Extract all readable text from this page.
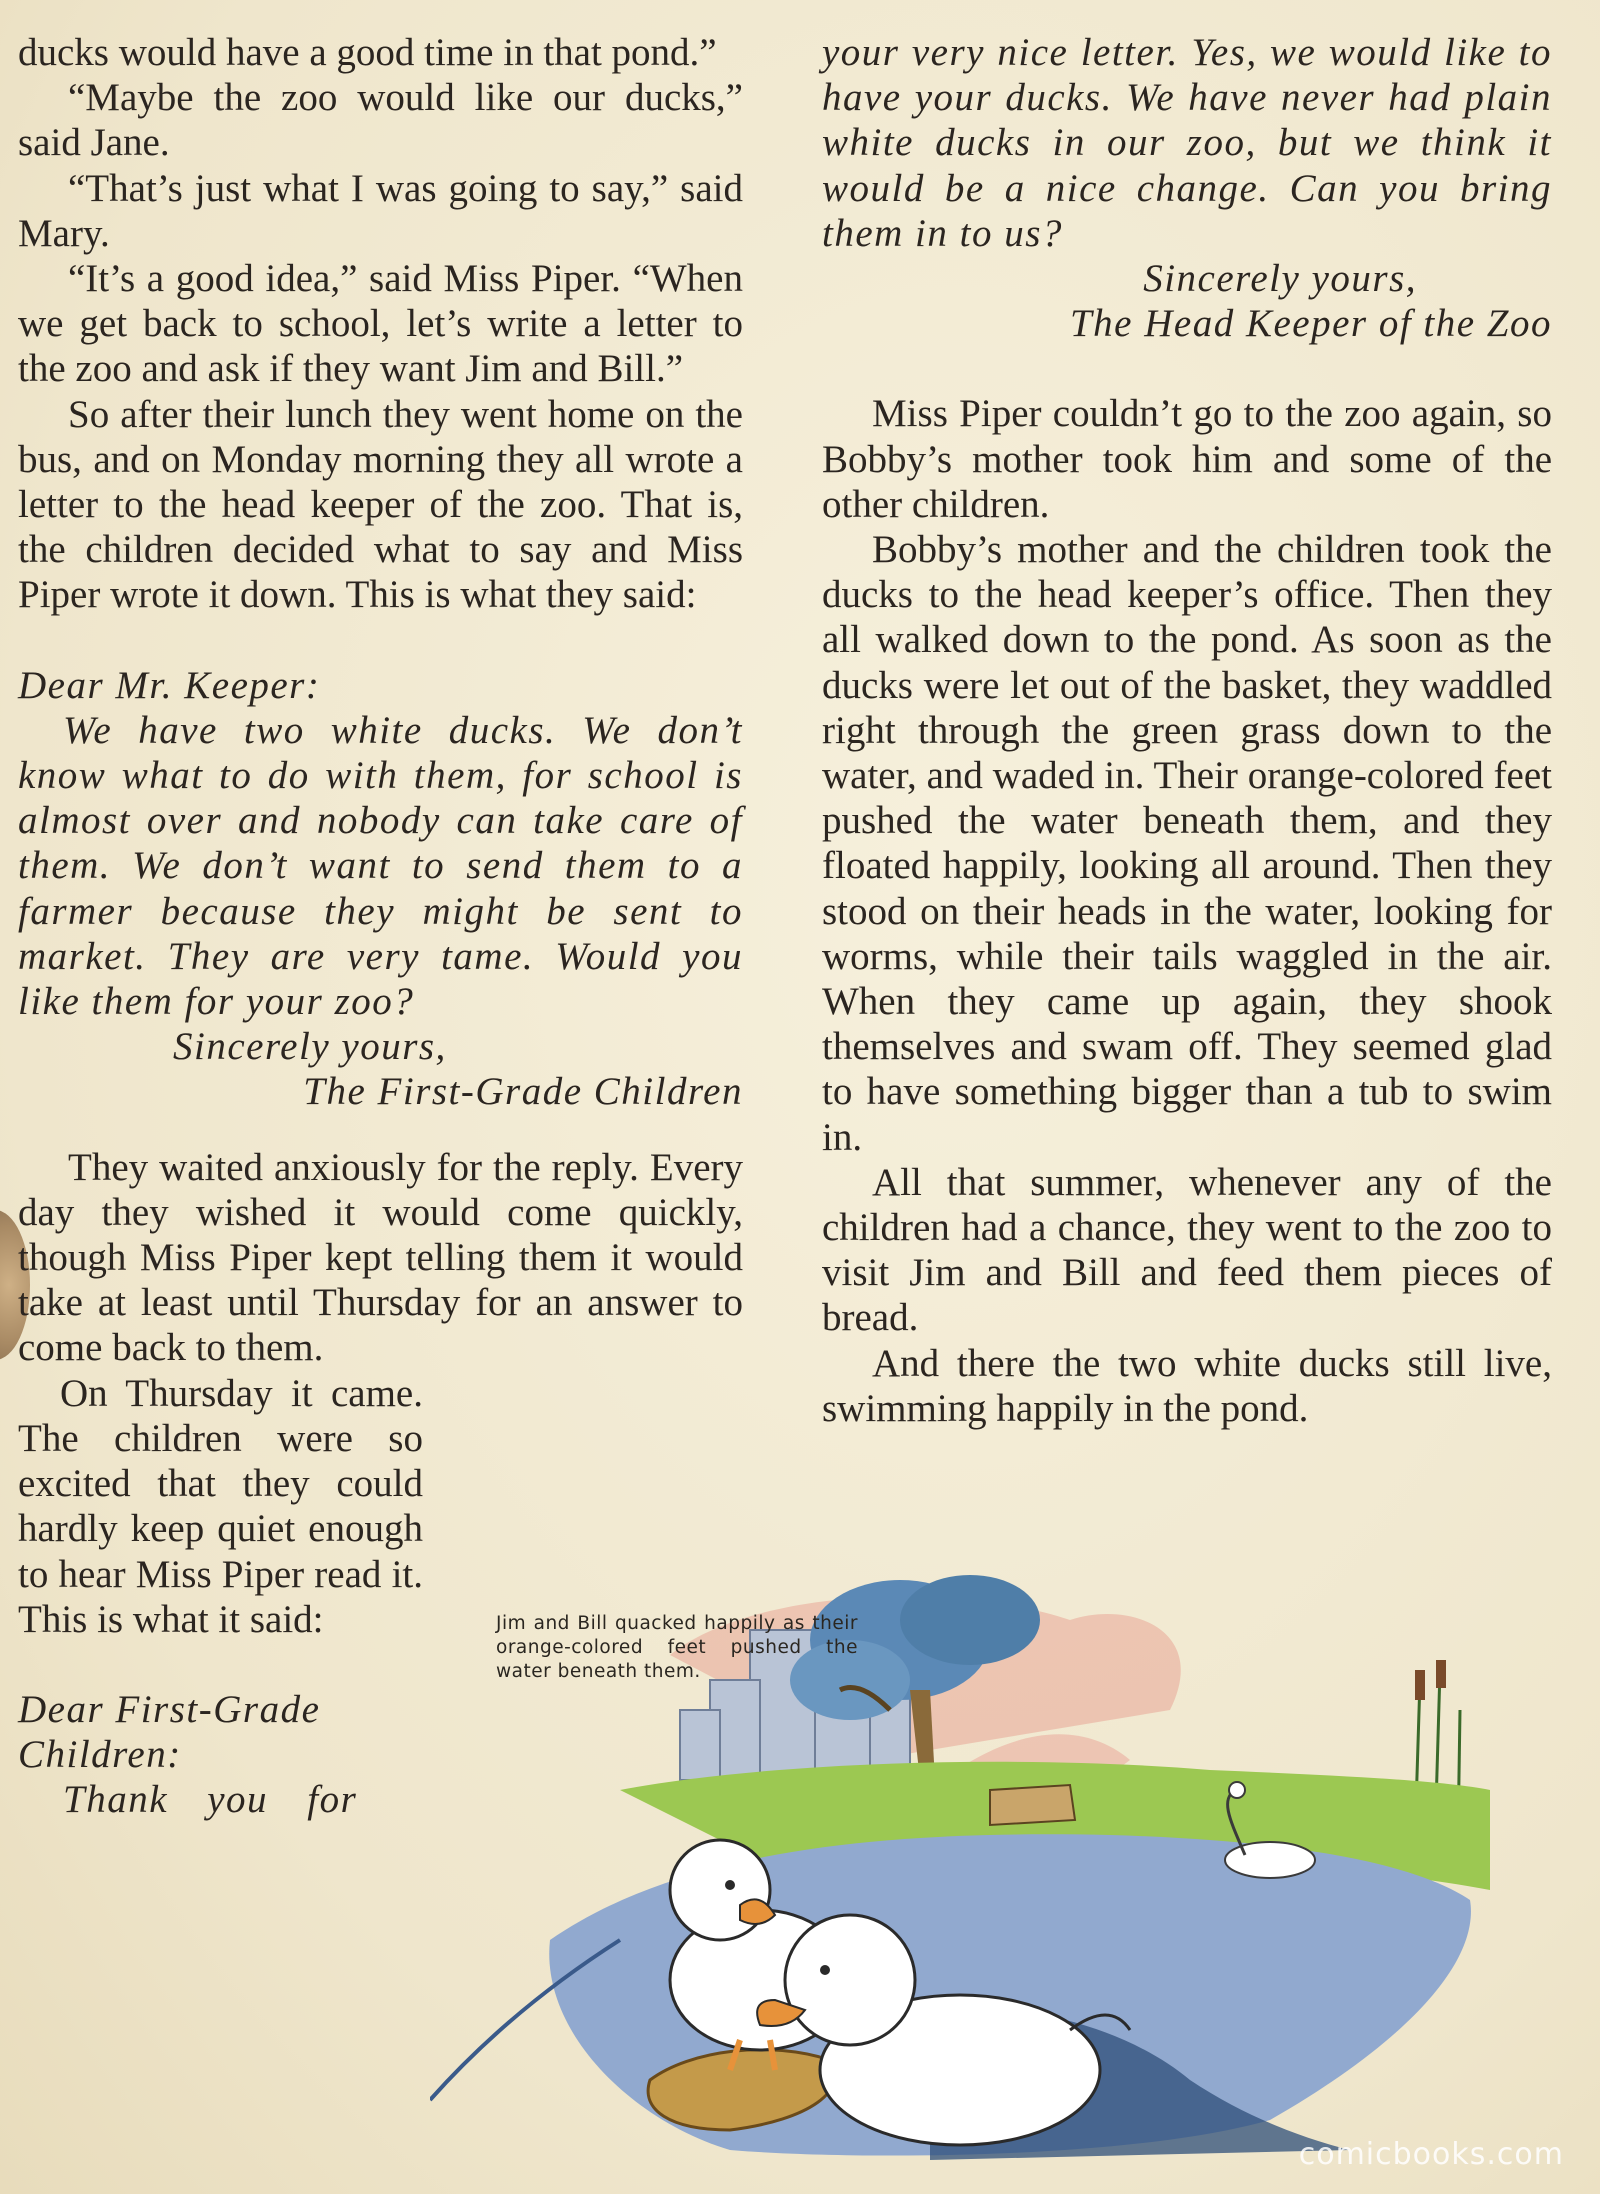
ducks would have a good time in that pond.”

“Maybe the zoo would like our ducks,” said Jane.

“That’s just what I was going to say,” said Mary.

“It’s a good idea,” said Miss Piper. “When we get back to school, let’s write a letter to the zoo and ask if they want Jim and Bill.”

So after their lunch they went home on the bus, and on Monday morning they all wrote a letter to the head keeper of the zoo. That is, the children decided what to say and Miss Piper wrote it down. This is what they said:

Dear Mr. Keeper:

We have two white ducks. We don’t know what to do with them, for school is almost over and nobody can take care of them. We don’t want to send them to a farmer because they might be sent to market. They are very tame. Would you like them for your zoo?

Sincerely yours,

The First-Grade Children

They waited anxiously for the reply. Every day they wished it would come quickly, though Miss Piper kept telling them it would take at least until Thursday for an answer to come back to them.

On Thursday it came. The children were so excited that they could hardly keep quiet enough to hear Miss Piper read it. This is what it said:

Dear First-Grade

Children:

Thank you for

your very nice letter. Yes, we would like to have your ducks. We have never had plain white ducks in our zoo, but we think it would be a nice change. Can you bring them in to us?

Sincerely yours,

The Head Keeper of the Zoo

Miss Piper couldn’t go to the zoo again, so Bobby’s mother took him and some of the other children.

Bobby’s mother and the children took the ducks to the head keeper’s office. Then they all walked down to the pond. As soon as the ducks were let out of the basket, they waddled right through the green grass down to the water, and waded in. Their orange-colored feet pushed the water beneath them, and they floated happily, looking all around. Then they stood on their heads in the water, looking for worms, while their tails waggled in the air. When they came up again, they shook themselves and swam off. They seemed glad to have something bigger than a tub to swim in.

All that summer, whenever any of the children had a chance, they went to the zoo to visit Jim and Bill and feed them pieces of bread.

And there the two white ducks still live, swimming happily in the pond.

Jim and Bill quacked happily as their orange-colored feet pushed the water beneath them.
comicbooks.com
